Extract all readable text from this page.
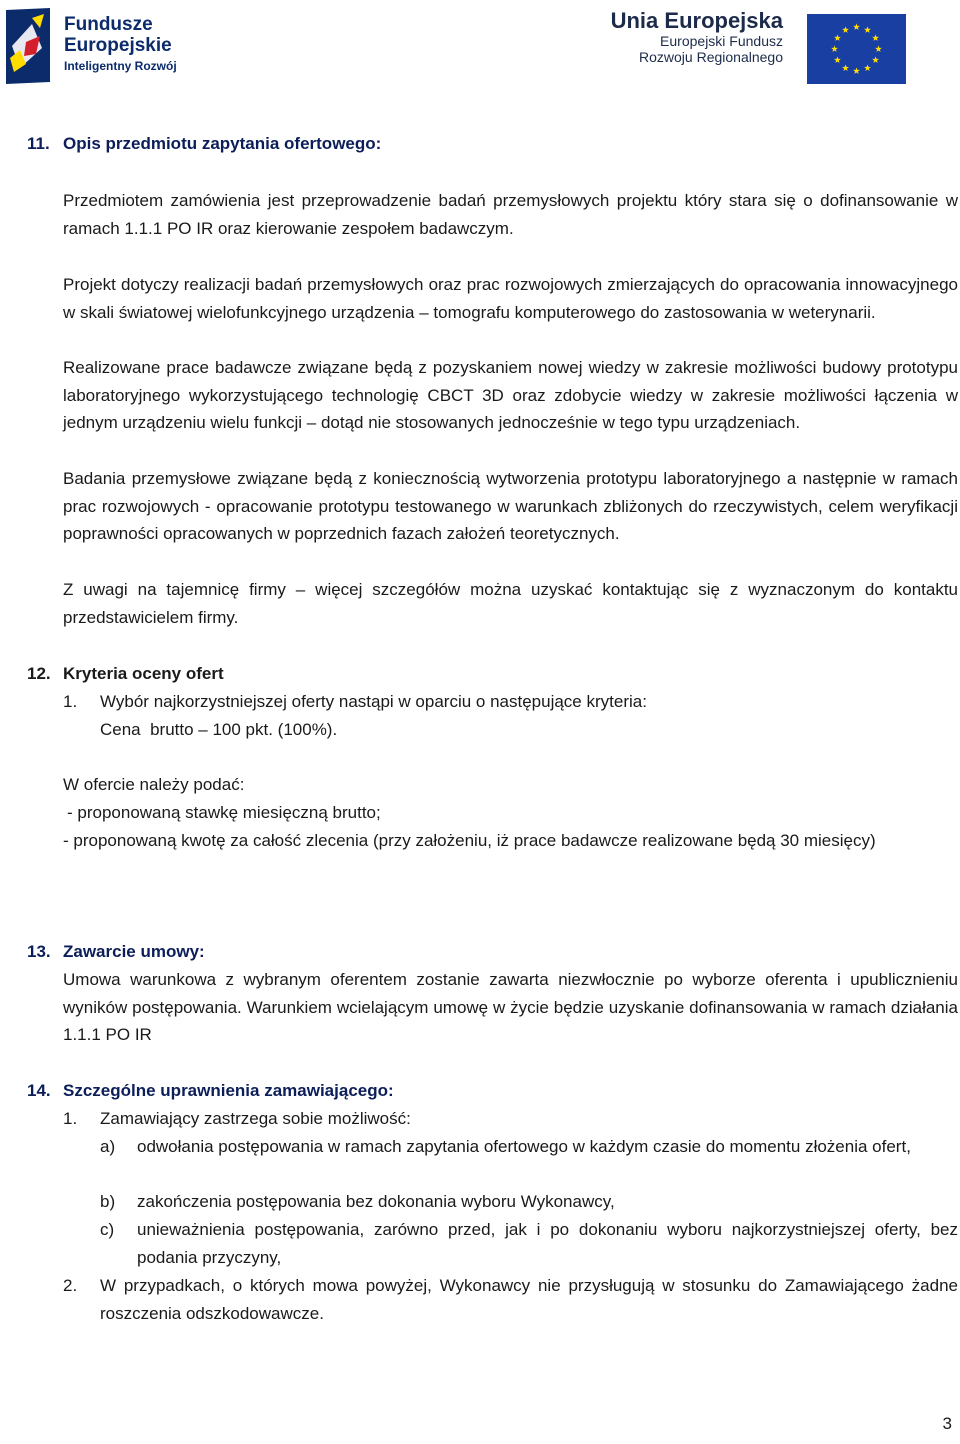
Fundusze
Europejskie
Inteligentny Rozwój
Unia Europejska
Europejski Fundusz
Rozwoju Regionalnego
11. Opis przedmiotu zapytania ofertowego:
Przedmiotem zamówienia jest przeprowadzenie badań przemysłowych projektu który stara się o dofinansowanie w ramach 1.1.1 PO IR oraz kierowanie zespołem badawczym.
Projekt dotyczy realizacji badań przemysłowych oraz prac rozwojowych zmierzających do opracowania innowacyjnego w skali światowej wielofunkcyjnego urządzenia – tomografu komputerowego do zastosowania w weterynarii.
Realizowane prace badawcze związane będą z pozyskaniem nowej wiedzy w zakresie możliwości budowy prototypu laboratoryjnego wykorzystującego technologię CBCT 3D oraz zdobycie wiedzy w zakresie możliwości łączenia w jednym urządzeniu wielu funkcji – dotąd nie stosowanych jednocześnie w tego typu urządzeniach.
Badania przemysłowe związane będą z koniecznością wytworzenia prototypu laboratoryjnego a następnie w ramach prac rozwojowych - opracowanie prototypu testowanego w warunkach zbliżonych do rzeczywistych, celem weryfikacji poprawności opracowanych w poprzednich fazach założeń teoretycznych.
Z uwagi na tajemnicę firmy – więcej szczegółów można uzyskać kontaktując się z wyznaczonym do kontaktu przedstawicielem firmy.
12. Kryteria oceny ofert
1. Wybór najkorzystniejszej oferty nastąpi w oparciu o następujące kryteria:
Cena  brutto – 100 pkt. (100%).
W ofercie należy podać:
- proponowaną stawkę miesięczną brutto;
- proponowaną kwotę za całość zlecenia (przy założeniu, iż prace badawcze realizowane będą 30 miesięcy)
13. Zawarcie umowy:
Umowa warunkowa z wybranym oferentem zostanie zawarta niezwłocznie po wyborze oferenta i upublicznieniu wyników postępowania. Warunkiem wcielającym umowę w życie będzie uzyskanie dofinansowania w ramach działania 1.1.1 PO IR
14. Szczególne uprawnienia zamawiającego:
1. Zamawiający zastrzega sobie możliwość:
a) odwołania postępowania w ramach zapytania ofertowego w każdym czasie do momentu złożenia ofert,
b) zakończenia postępowania bez dokonania wyboru Wykonawcy,
c) unieważnienia postępowania, zarówno przed, jak i po dokonaniu wyboru najkorzystniejszej oferty, bez podania przyczyny,
2. W przypadkach, o których mowa powyżej, Wykonawcy nie przysługują w stosunku do Zamawiającego żadne roszczenia odszkodowawcze.
3
